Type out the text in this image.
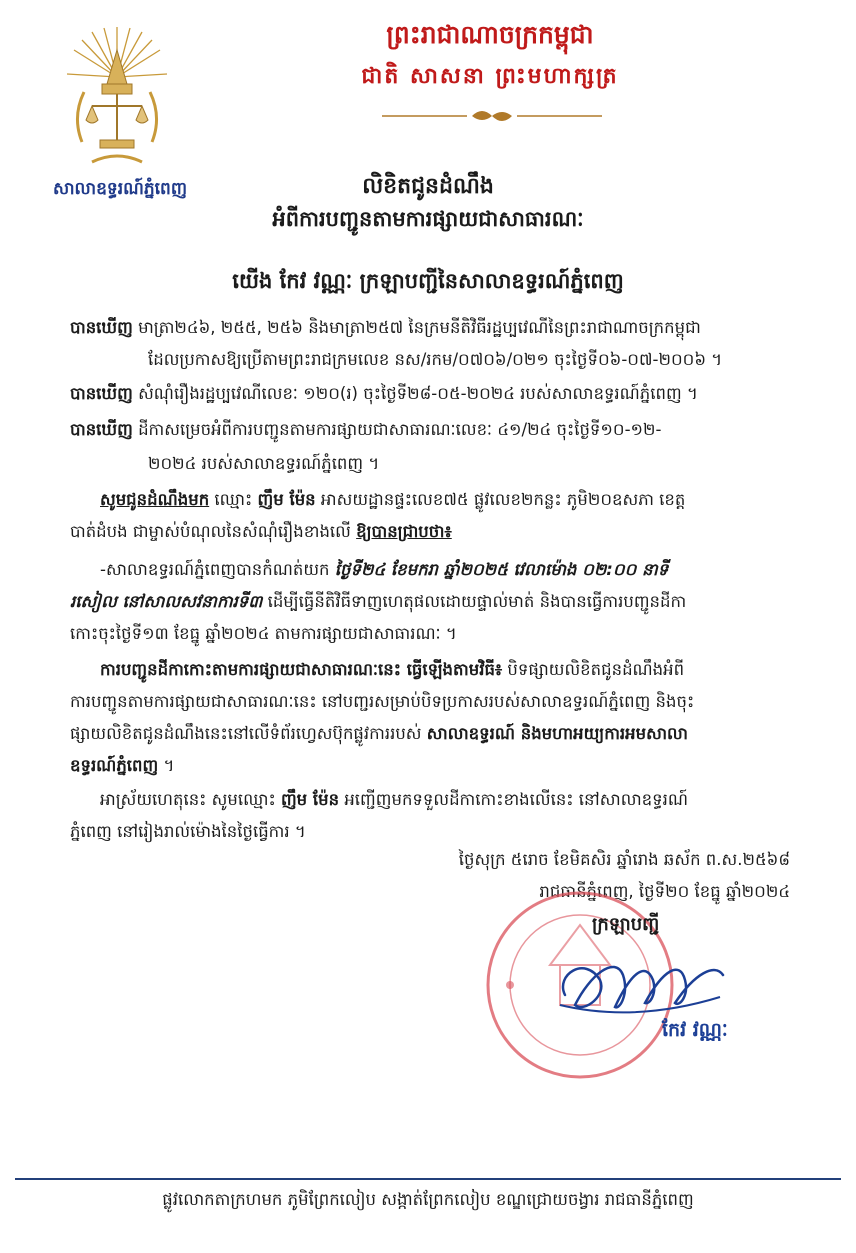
សាលាឧទ្ធរណ៍ភ្នំពេញ
ព្រះរាជាណាចក្រកម្ពុជា
ជាតិ សាសនា ព្រះមហាក្សត្រ
លិខិតជូនដំណឹង
អំពីការបញ្ជូនតាមការផ្សាយជាសាធារណៈ
យើង កែវ វណ្ណៈ ក្រឡាបញ្ជីនៃសាលាឧទ្ធរណ៍ភ្នំពេញ
បានឃើញ មាត្រា២៤៦, ២៥៥, ២៥៦ និងមាត្រា២៥៧ នៃក្រមនីតិវិធីរដ្ឋប្បវេណីនៃព្រះរាជាណាចក្រកម្ពុជា
ដែលប្រកាសឱ្យប្រើតាមព្រះរាជក្រមលេខ នស/រកម/០៧០៦/០២១ ចុះថ្ងៃទី០៦-០៧-២០០៦ ។
បានឃើញ សំណុំរឿងរដ្ឋប្បវេណីលេខៈ ១២០(រ) ចុះថ្ងៃទី២៨-០៥-២០២៤ របស់សាលាឧទ្ធរណ៍ភ្នំពេញ ។
បានឃើញ ដីកាសម្រេចអំពីការបញ្ជូនតាមការផ្សាយជាសាធារណៈលេខៈ ៤១/២៤ ចុះថ្ងៃទី១០-១២-
២០២៤ របស់សាលាឧទ្ធរណ៍ភ្នំពេញ ។
សូមជូនដំណឹងមក ឈ្មោះ ញឹម ម៉ែន អាសយដ្ឋានផ្ទះលេខ៧៥ ផ្លូវលេខ២កន្លះ ភូមិ២០ឧសភា ខេត្ត
បាត់ដំបង ជាម្ចាស់បំណុលនៃសំណុំរឿងខាងលើ ឱ្យបានជ្រាបថា៖
-សាលាឧទ្ធរណ៍ភ្នំពេញបានកំណត់យក ថ្ងៃទី២៤ ខែមករា ឆ្នាំ២០២៥ វេលាម៉ោង ០២:០០ នាទី
រសៀល នៅសាលសវនាការទី៣ ដើម្បីធ្វើនីតិវិធីទាញហេតុផលដោយផ្ទាល់មាត់ និងបានធ្វើការបញ្ជូនដីកា
កោះចុះថ្ងៃទី១៣ ខែធ្នូ ឆ្នាំ២០២៤ តាមការផ្សាយជាសាធារណៈ ។
ការបញ្ជូនដីកាកោះតាមការផ្សាយជាសាធារណៈនេះ ធ្វើឡើងតាមវិធី៖ បិទផ្សាយលិខិតជូនដំណឹងអំពី
ការបញ្ជូនតាមការផ្សាយជាសាធារណៈនេះ នៅបញ្ជរសម្រាប់បិទប្រកាសរបស់សាលាឧទ្ធរណ៍ភ្នំពេញ និងចុះ
ផ្សាយលិខិតជូនដំណឹងនេះនៅលើទំព័រហ្វេសប៊ុកផ្លូវការរបស់ សាលាឧទ្ធរណ៍ និងមហាអយ្យការអមសាលា
ឧទ្ធរណ៍ភ្នំពេញ ។
អាស្រ័យហេតុនេះ សូមឈ្មោះ ញឹម ម៉ែន អញ្ជើញមកទទួលដីកាកោះខាងលើនេះ នៅសាលាឧទ្ធរណ៍
ភ្នំពេញ នៅរៀងរាល់ម៉ោងនៃថ្ងៃធ្វើការ ។
ថ្ងៃសុក្រ ៥រោច ខែមិគសិរ ឆ្នាំរោង ឆស័ក ព.ស.២៥៦៨
រាជធានីភ្នំពេញ, ថ្ងៃទី២០ ខែធ្នូ ឆ្នាំ២០២៤
ក្រឡាបញ្ជី
កែវ វណ្ណៈ
ផ្លូវលោកតាក្រហមក ភូមិព្រែកលៀប សង្កាត់ព្រែកលៀប ខណ្ឌជ្រោយចង្វារ រាជធានីភ្នំពេញ
